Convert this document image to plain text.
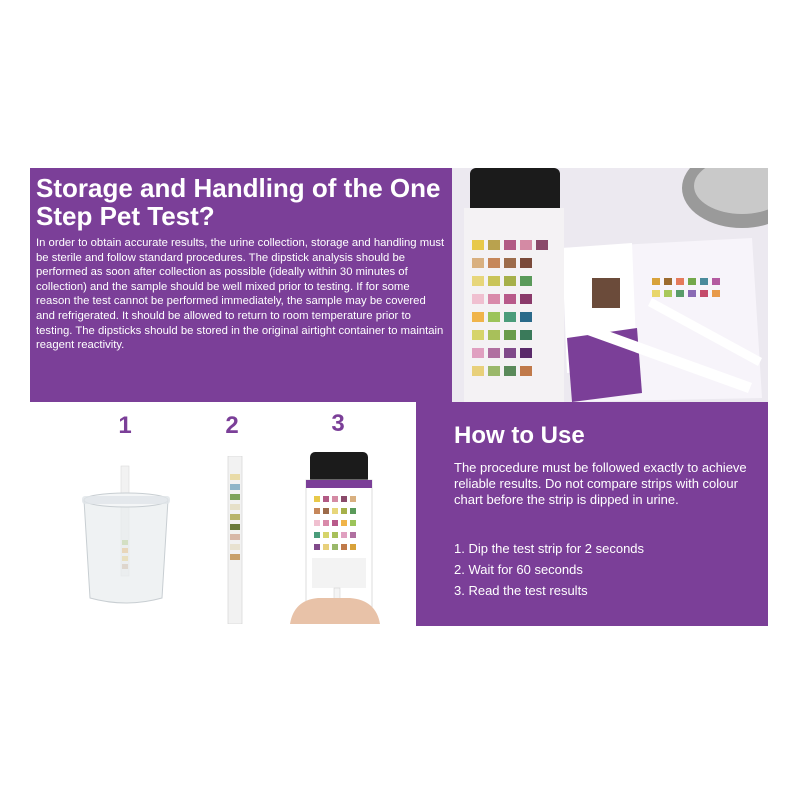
Storage and Handling of the One Step Pet Test?

In order to obtain accurate results, the urine collection, storage and handling must be sterile and follow standard procedures. The dipstick analysis should be performed as soon after collection as possible (ideally within 30 minutes of collection) and the sample should be well mixed prior to testing. If for some reason the test cannot be performed immediately, the sample may be covered and refrigerated. It should be allowed to return to room temperature prior to testing. The dipsticks should be stored in the original airtight container to maintain reagent reactivity.

How to Use

The procedure must be followed exactly to achieve reliable results. Do not compare strips with colour chart before the strip is dipped in urine.

1. Dip the test strip for 2 seconds
2. Wait for 60 seconds
3. Read the test results
1	2	3
